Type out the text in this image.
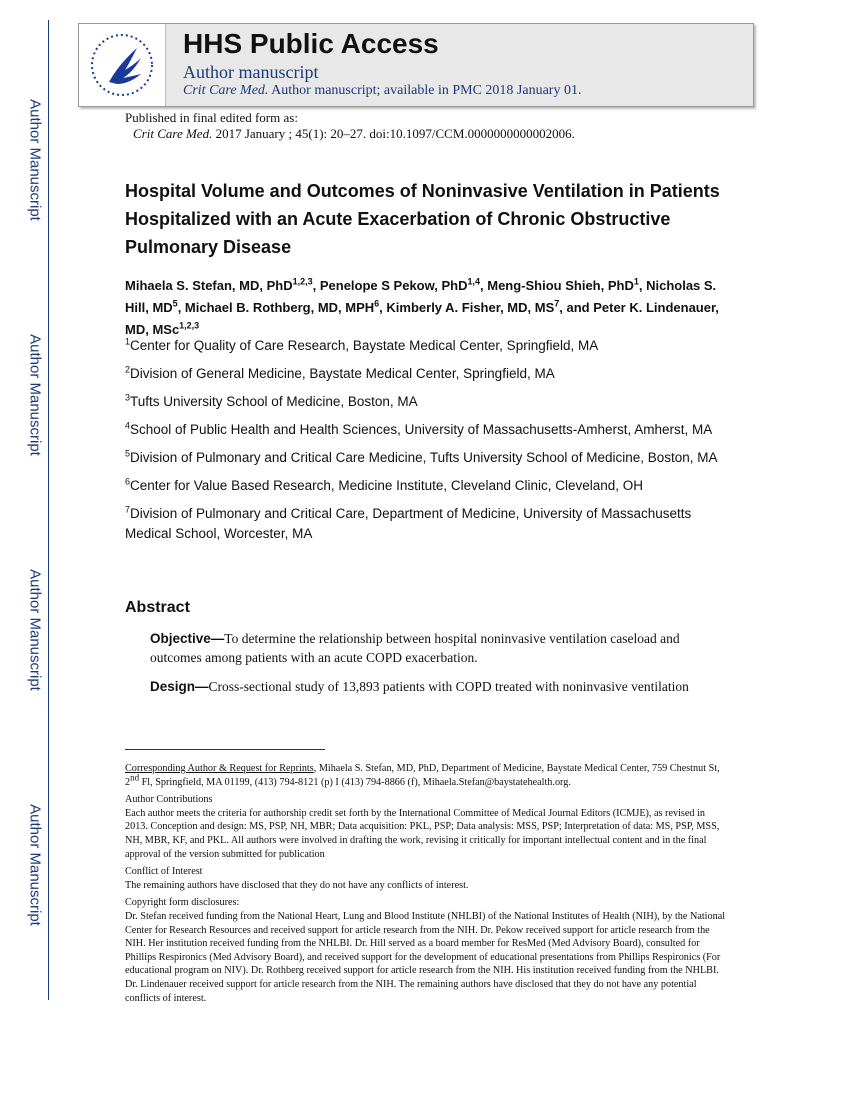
Author Manuscript
Author Manuscript
Author Manuscript
Author Manuscript
HHS Public Access
Author manuscript
Crit Care Med. Author manuscript; available in PMC 2018 January 01.
Published in final edited form as:
Crit Care Med. 2017 January ; 45(1): 20–27. doi:10.1097/CCM.0000000000002006.
Hospital Volume and Outcomes of Noninvasive Ventilation in Patients Hospitalized with an Acute Exacerbation of Chronic Obstructive Pulmonary Disease
Mihaela S. Stefan, MD, PhD$^{1,2,3}$, Penelope S Pekow, PhD$^{1,4}$, Meng-Shiou Shieh, PhD$^1$, Nicholas S. Hill, $MD^5$, Michael B. Rothberg, MD, MPH$^6$, Kimberly A. Fisher, MD, $MS^7$, and Peter K. Lindenauer, MD, MSc$^{1,2,3}$

$^1$Center for Quality of Care Research, Baystate Medical Center, Springfield, MA

$^2$Division of General Medicine, Baystate Medical Center, Springfield, MA

$^3$Tufts University School of Medicine, Boston, MA

$^4$School of Public Health and Health Sciences, University of Massachusetts-Amherst, Amherst, MA

$^5$Division of Pulmonary and Critical Care Medicine, Tufts University School of Medicine, Boston, MA

$^6$Center for Value Based Research, Medicine Institute, Cleveland Clinic, Cleveland, OH

$^7$Division of Pulmonary and Critical Care, Department of Medicine, University of Massachusetts Medical School, Worcester, MA

Abstract
Objective—To determine the relationship between hospital noninvasive ventilation caseload and outcomes among patients with an acute COPD exacerbation.
Design—Cross-sectional study of 13,893 patients with COPD treated with noninvasive ventilation

Corresponding Author & Request for Reprints, Mihaela S. Stefan, MD, PhD, Department of Medicine, Baystate Medical Center, 759 Chestnut St, 2nd Fl, Springfield, MA 01199, (413) 794-8121 (p) I (413) 794-8866 (f), Mihaela.Stefan@baystatehealth.org.

Author Contributions
Each author meets the criteria for authorship credit set forth by the International Committee of Medical Journal Editors (ICMJE), as revised in 2013. Conception and design: MS, PSP, NH, MBR; Data acquisition: PKL, PSP; Data analysis: MSS, PSP; Interpretation of data: MS, PSP, MSS, NH, MBR, KF, and PKL. All authors were involved in drafting the work, revising it critically for important intellectual content and in the final approval of the version submitted for publication

Conflict of Interest
The remaining authors have disclosed that they do not have any conflicts of interest.

Copyright form disclosures:
Dr. Stefan received funding from the National Heart, Lung and Blood Institute (NHLBI) of the National Institutes of Health (NIH), by the National Center for Research Resources and received support for article research from the NIH. Dr. Pekow received support for article research from the NIH. Her institution received funding from the NHLBI. Dr. Hill served as a board member for ResMed (Med Advisory Board), consulted for Phillips Respironics (Med Advisory Board), and received support for the development of educational presentations from Phillips Respironics (For educational program on NIV). Dr. Rothberg received support for article research from the NIH. His institution received funding from the NHLBI. Dr. Lindenauer received support for article research from the NIH. The remaining authors have disclosed that they do not have any potential conflicts of interest.
